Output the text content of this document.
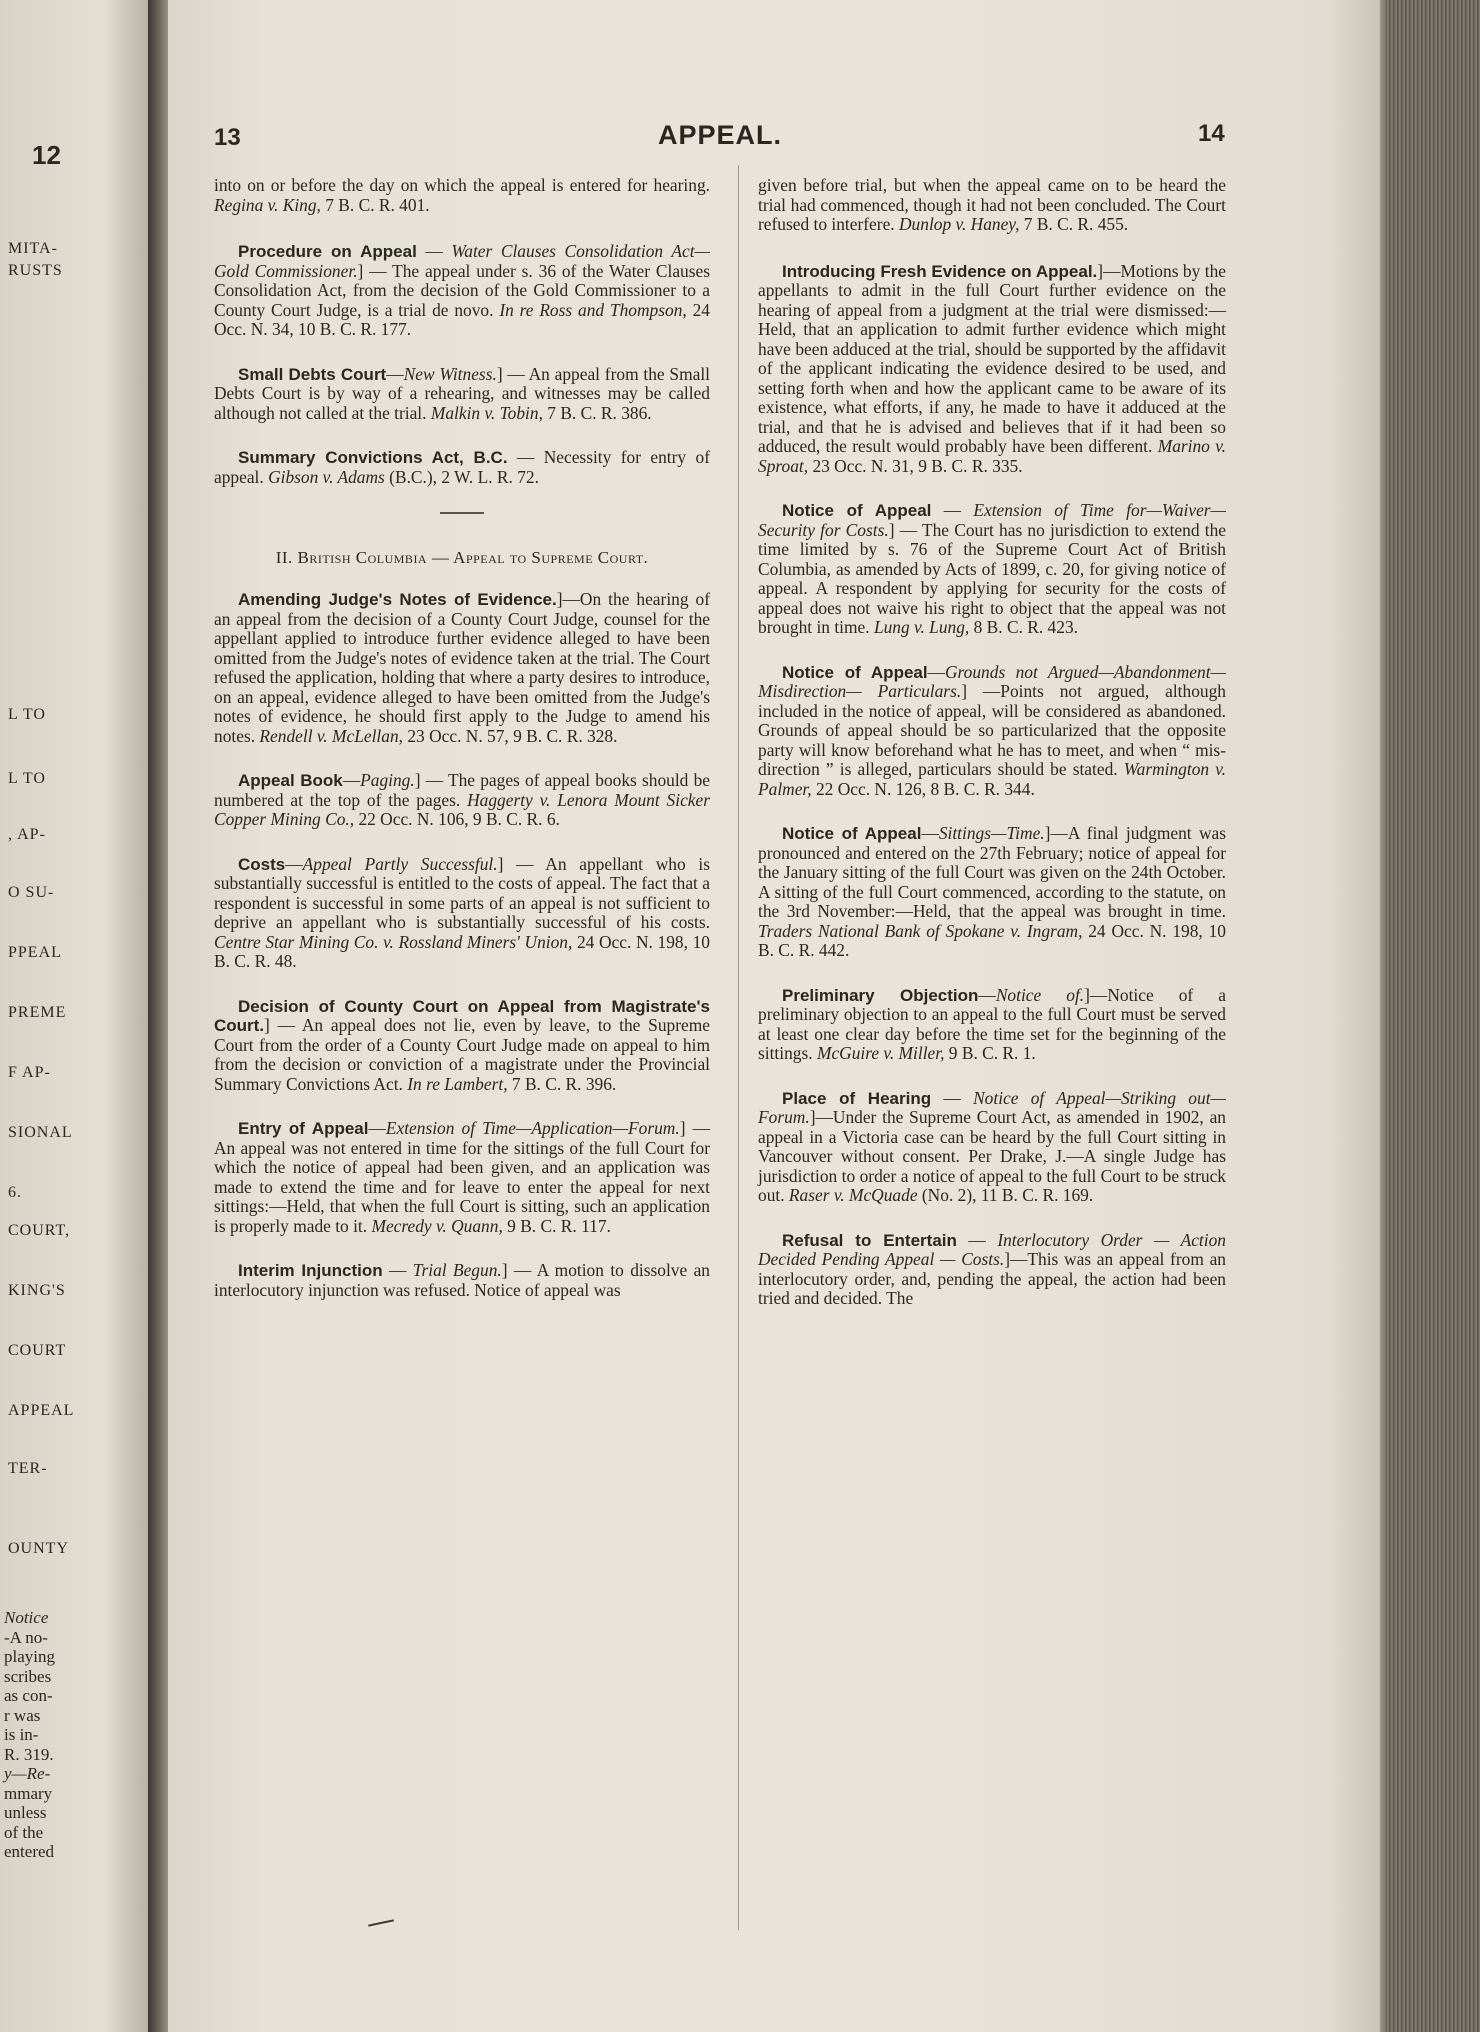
12
MITA-
RUSTS
L TO
L TO
, AP-
O SU-
PPEAL
PREME
F AP-
SIONAL
6.
COURT,
KING'S
COURT
APPEAL
TER-
OUNTY
Notice
-A no-
playing
scribes
as con-
r was
is in-
R. 319.
y—Re-
mmary
unless
of the
entered
13	APPEAL.	14

into on or before the day on which the appeal is entered for hearing. Regina v. King, 7 B. C. R. 401.

Procedure on Appeal — Water Clauses Consolidation Act—Gold Commissioner.] — The appeal under s. 36 of the Water Clauses Consolidation Act, from the decision of the Gold Commissioner to a County Court Judge, is a trial de novo. In re Ross and Thompson, 24 Occ. N. 34, 10 B. C. R. 177.

Small Debts Court—New Witness.] — An appeal from the Small Debts Court is by way of a rehearing, and witnesses may be called although not called at the trial. Malkin v. Tobin, 7 B. C. R. 386.

Summary Convictions Act, B.C. — Necessity for entry of appeal. Gibson v. Adams (B.C.), 2 W. L. R. 72.

II. British Columbia — Appeal to Supreme Court.

Amending Judge's Notes of Evidence.]—On the hearing of an appeal from the decision of a County Court Judge, counsel for the appellant applied to introduce further evidence alleged to have been omitted from the Judge's notes of evidence taken at the trial. The Court refused the application, holding that where a party desires to introduce, on an appeal, evidence alleged to have been omitted from the Judge's notes of evidence, he should first apply to the Judge to amend his notes. Rendell v. McLellan, 23 Occ. N. 57, 9 B. C. R. 328.

Appeal Book—Paging.] — The pages of appeal books should be numbered at the top of the pages. Haggerty v. Lenora Mount Sicker Copper Mining Co., 22 Occ. N. 106, 9 B. C. R. 6.

Costs—Appeal Partly Successful.] — An appellant who is substantially successful is entitled to the costs of appeal. The fact that a respondent is successful in some parts of an appeal is not sufficient to deprive an appellant who is substantially successful of his costs. Centre Star Mining Co. v. Rossland Miners' Union, 24 Occ. N. 198, 10 B. C. R. 48.

Decision of County Court on Appeal from Magistrate's Court.] — An appeal does not lie, even by leave, to the Supreme Court from the order of a County Court Judge made on appeal to him from the decision or conviction of a magistrate under the Provincial Summary Convictions Act. In re Lambert, 7 B. C. R. 396.

Entry of Appeal—Extension of Time—Application—Forum.] — An appeal was not entered in time for the sittings of the full Court for which the notice of appeal had been given, and an application was made to extend the time and for leave to enter the appeal for next sittings:—Held, that when the full Court is sitting, such an application is properly made to it. Mecredy v. Quann, 9 B. C. R. 117.

Interim Injunction — Trial Begun.] — A motion to dissolve an interlocutory injunction was refused. Notice of appeal was

given before trial, but when the appeal came on to be heard the trial had commenced, though it had not been concluded. The Court refused to interfere. Dunlop v. Haney, 7 B. C. R. 455.

Introducing Fresh Evidence on Appeal.]—Motions by the appellants to admit in the full Court further evidence on the hearing of appeal from a judgment at the trial were dismissed:—Held, that an application to admit further evidence which might have been adduced at the trial, should be supported by the affidavit of the applicant indicating the evidence desired to be used, and setting forth when and how the applicant came to be aware of its existence, what efforts, if any, he made to have it adduced at the trial, and that he is advised and believes that if it had been so adduced, the result would probably have been different. Marino v. Sproat, 23 Occ. N. 31, 9 B. C. R. 335.

Notice of Appeal — Extension of Time for—Waiver—Security for Costs.] — The Court has no jurisdiction to extend the time limited by s. 76 of the Supreme Court Act of British Columbia, as amended by Acts of 1899, c. 20, for giving notice of appeal. A respondent by applying for security for the costs of appeal does not waive his right to object that the appeal was not brought in time. Lung v. Lung, 8 B. C. R. 423.

Notice of Appeal—Grounds not Argued—Abandonment—Misdirection— Particulars.] —Points not argued, although included in the notice of appeal, will be considered as abandoned. Grounds of appeal should be so particularized that the opposite party will know beforehand what he has to meet, and when “ mis-direction ” is alleged, particulars should be stated. Warmington v. Palmer, 22 Occ. N. 126, 8 B. C. R. 344.

Notice of Appeal—Sittings—Time.]—A final judgment was pronounced and entered on the 27th February; notice of appeal for the January sitting of the full Court was given on the 24th October. A sitting of the full Court commenced, according to the statute, on the 3rd November:—Held, that the appeal was brought in time. Traders National Bank of Spokane v. Ingram, 24 Occ. N. 198, 10 B. C. R. 442.

Preliminary Objection—Notice of.]—Notice of a preliminary objection to an appeal to the full Court must be served at least one clear day before the time set for the beginning of the sittings. McGuire v. Miller, 9 B. C. R. 1.

Place of Hearing — Notice of Appeal—Striking out—Forum.]—Under the Supreme Court Act, as amended in 1902, an appeal in a Victoria case can be heard by the full Court sitting in Vancouver without consent. Per Drake, J.—A single Judge has jurisdiction to order a notice of appeal to the full Court to be struck out. Raser v. McQuade (No. 2), 11 B. C. R. 169.

Refusal to Entertain — Interlocutory Order — Action Decided Pending Appeal — Costs.]—This was an appeal from an interlocutory order, and, pending the appeal, the action had been tried and decided. The
